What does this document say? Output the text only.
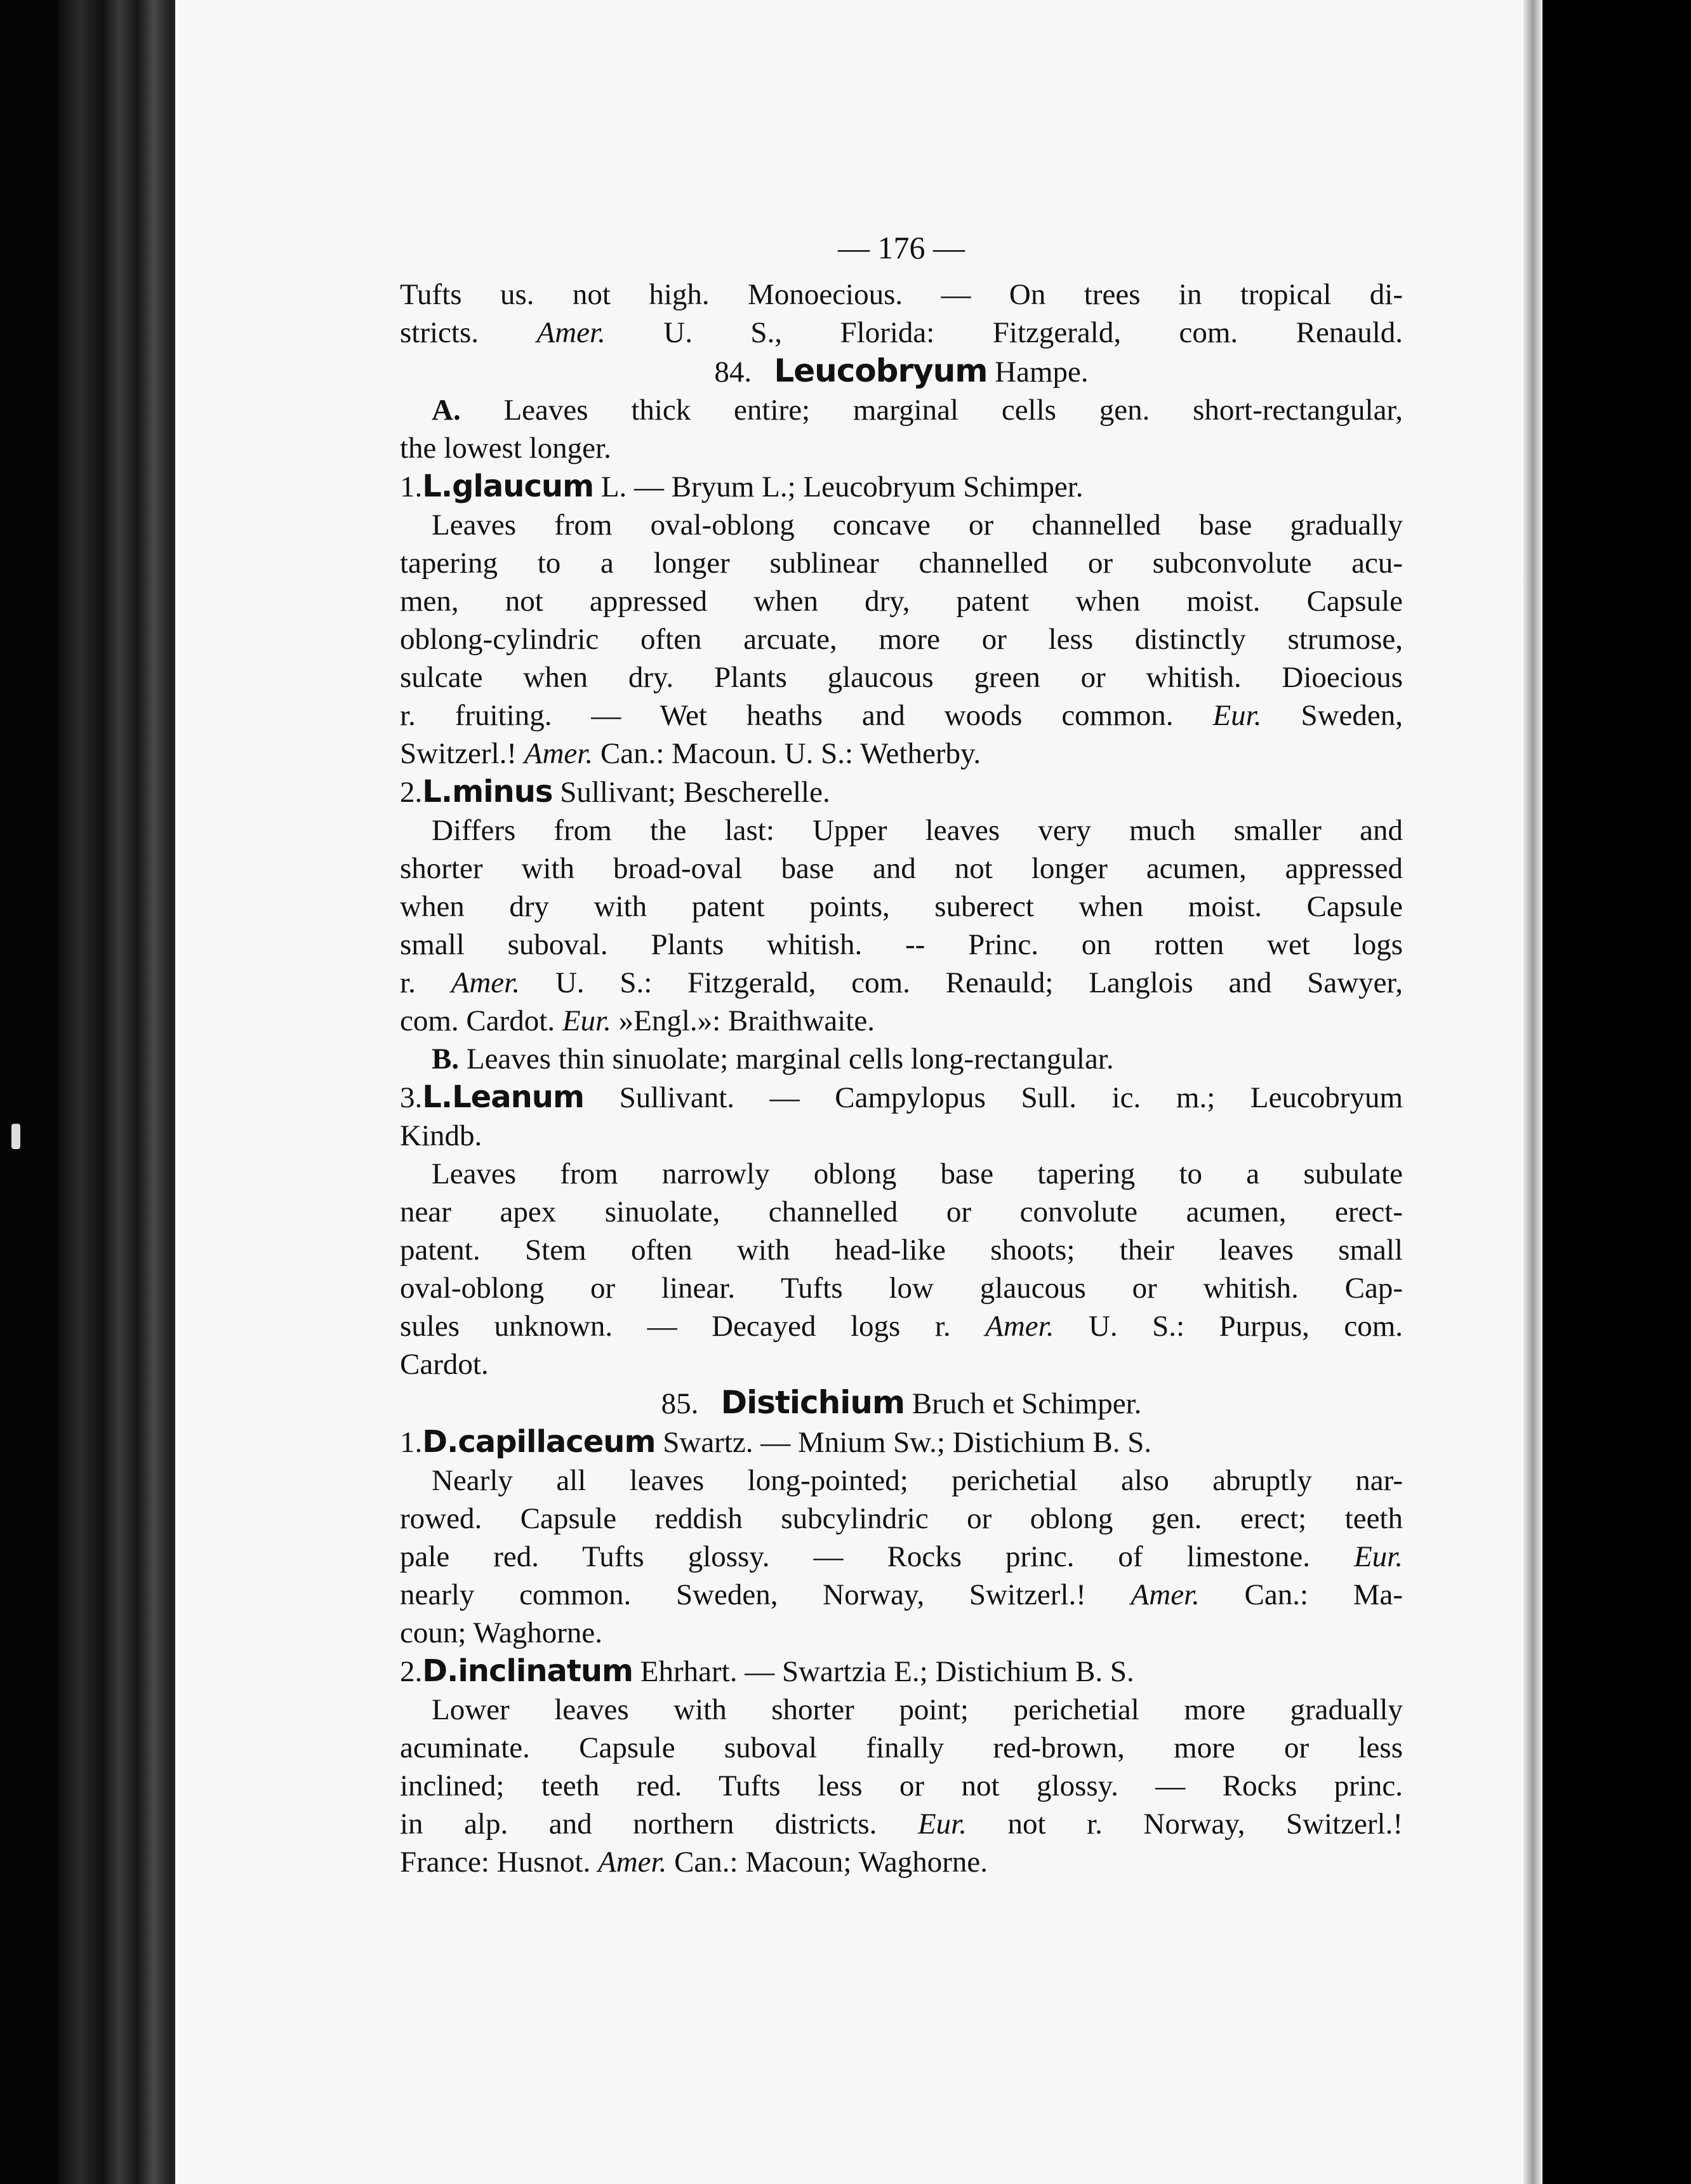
— 176 —
Tufts us. not high. Monoecious. — On trees in tropical di-
stricts. Amer. U. S., Florida: Fitzgerald, com. Renauld.
84. Leucobryum Hampe.
A. Leaves thick entire; marginal cells gen. short-rectangular,
the lowest longer.
1.L.glaucum L. — Bryum L.; Leucobryum Schimper.
Leaves from oval-oblong concave or channelled base gradually
tapering to a longer sublinear channelled or subconvolute acu-
men, not appressed when dry, patent when moist. Capsule
oblong-cylindric often arcuate, more or less distinctly strumose,
sulcate when dry. Plants glaucous green or whitish. Dioecious
r. fruiting. — Wet heaths and woods common. Eur. Sweden,
Switzerl.! Amer. Can.: Macoun. U. S.: Wetherby.
2.L.minus Sullivant; Bescherelle.
Differs from the last: Upper leaves very much smaller and
shorter with broad-oval base and not longer acumen, appressed
when dry with patent points, suberect when moist. Capsule
small suboval. Plants whitish. -- Princ. on rotten wet logs
r. Amer. U. S.: Fitzgerald, com. Renauld; Langlois and Sawyer,
com. Cardot. Eur. »Engl.»: Braithwaite.
B. Leaves thin sinuolate; marginal cells long-rectangular.
3.L.Leanum Sullivant. — Campylopus Sull. ic. m.; Leucobryum
Kindb.
Leaves from narrowly oblong base tapering to a subulate
near apex sinuolate, channelled or convolute acumen, erect-
patent. Stem often with head-like shoots; their leaves small
oval-oblong or linear. Tufts low glaucous or whitish. Cap-
sules unknown. — Decayed logs r. Amer. U. S.: Purpus, com.
Cardot.
85. Distichium Bruch et Schimper.
1.D.capillaceum Swartz. — Mnium Sw.; Distichium B. S.
Nearly all leaves long-pointed; perichetial also abruptly nar-
rowed. Capsule reddish subcylindric or oblong gen. erect; teeth
pale red. Tufts glossy. — Rocks princ. of limestone. Eur.
nearly common. Sweden, Norway, Switzerl.! Amer. Can.: Ma-
coun; Waghorne.
2.D.inclinatum Ehrhart. — Swartzia E.; Distichium B. S.
Lower leaves with shorter point; perichetial more gradually
acuminate. Capsule suboval finally red-brown, more or less
inclined; teeth red. Tufts less or not glossy. — Rocks princ.
in alp. and northern districts. Eur. not r. Norway, Switzerl.!
France: Husnot. Amer. Can.: Macoun; Waghorne.
